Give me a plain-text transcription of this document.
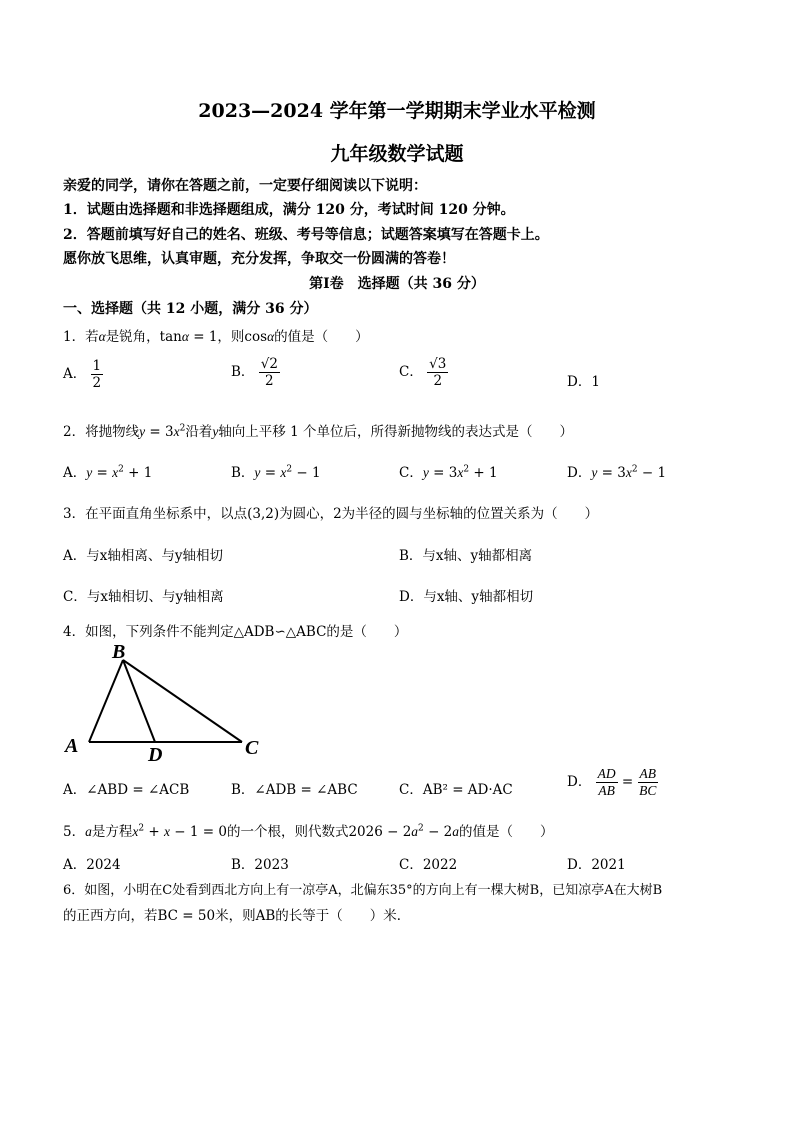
2023—2024 学年第一学期期末学业水平检测
九年级数学试题
亲爱的同学，请你在答题之前，一定要仔细阅读以下说明：
1．试题由选择题和非选择题组成，满分 120 分，考试时间 120 分钟。
2．答题前填写好自己的姓名、班级、考号等信息；试题答案填写在答题卡上。
愿你放飞思维，认真审题，充分发挥，争取交一份圆满的答卷！
第Ⅰ卷　选择题（共 36 分）
一、选择题（共 12 小题，满分 36 分）
1．若α是锐角，tanα = 1，则cosα的值是（　　）
A． $\frac{1}{2}$	B． $\frac{√2}{2}$	C． $\frac{√3}{2}$	D．1
2．将抛物线$y = 3x^2$沿着y轴向上平移 1 个单位后，所得新抛物线的表达式是（　　）
A．$y = x^2 + 1$	B．$y = x^2 - 1$	C．$y = 3x^2 + 1$	D．$y = 3x^2 - 1$
3．在平面直角坐标系中，以点(3,2)为圆心，2为半径的圆与坐标轴的位置关系为（　　）
A．与x轴相离、与y轴相切	B．与x轴、y轴都相离
C．与x轴相切、与y轴相离	D．与x轴、y轴都相切
4．如图，下列条件不能判定△ADB∽△ABC的是（　　）
B
A	D	C
A．∠ABD = ∠ACB	B．∠ADB = ∠ABC	C．AB² = AD·AC	D． $\frac{AD}{AB} = \frac{AB}{BC}$
5．a是方程$x^2 + x - 1 = 0$的一个根，则代数式$2026 - 2a^2 - 2a$的值是（　　）
A．2024	B．2023	C．2022	D．2021
6．如图，小明在C处看到西北方向上有一凉亭A，北偏东35°的方向上有一棵大树B，已知凉亭A在大树B
的正西方向，若BC = 50米，则AB的长等于（　　）米．
